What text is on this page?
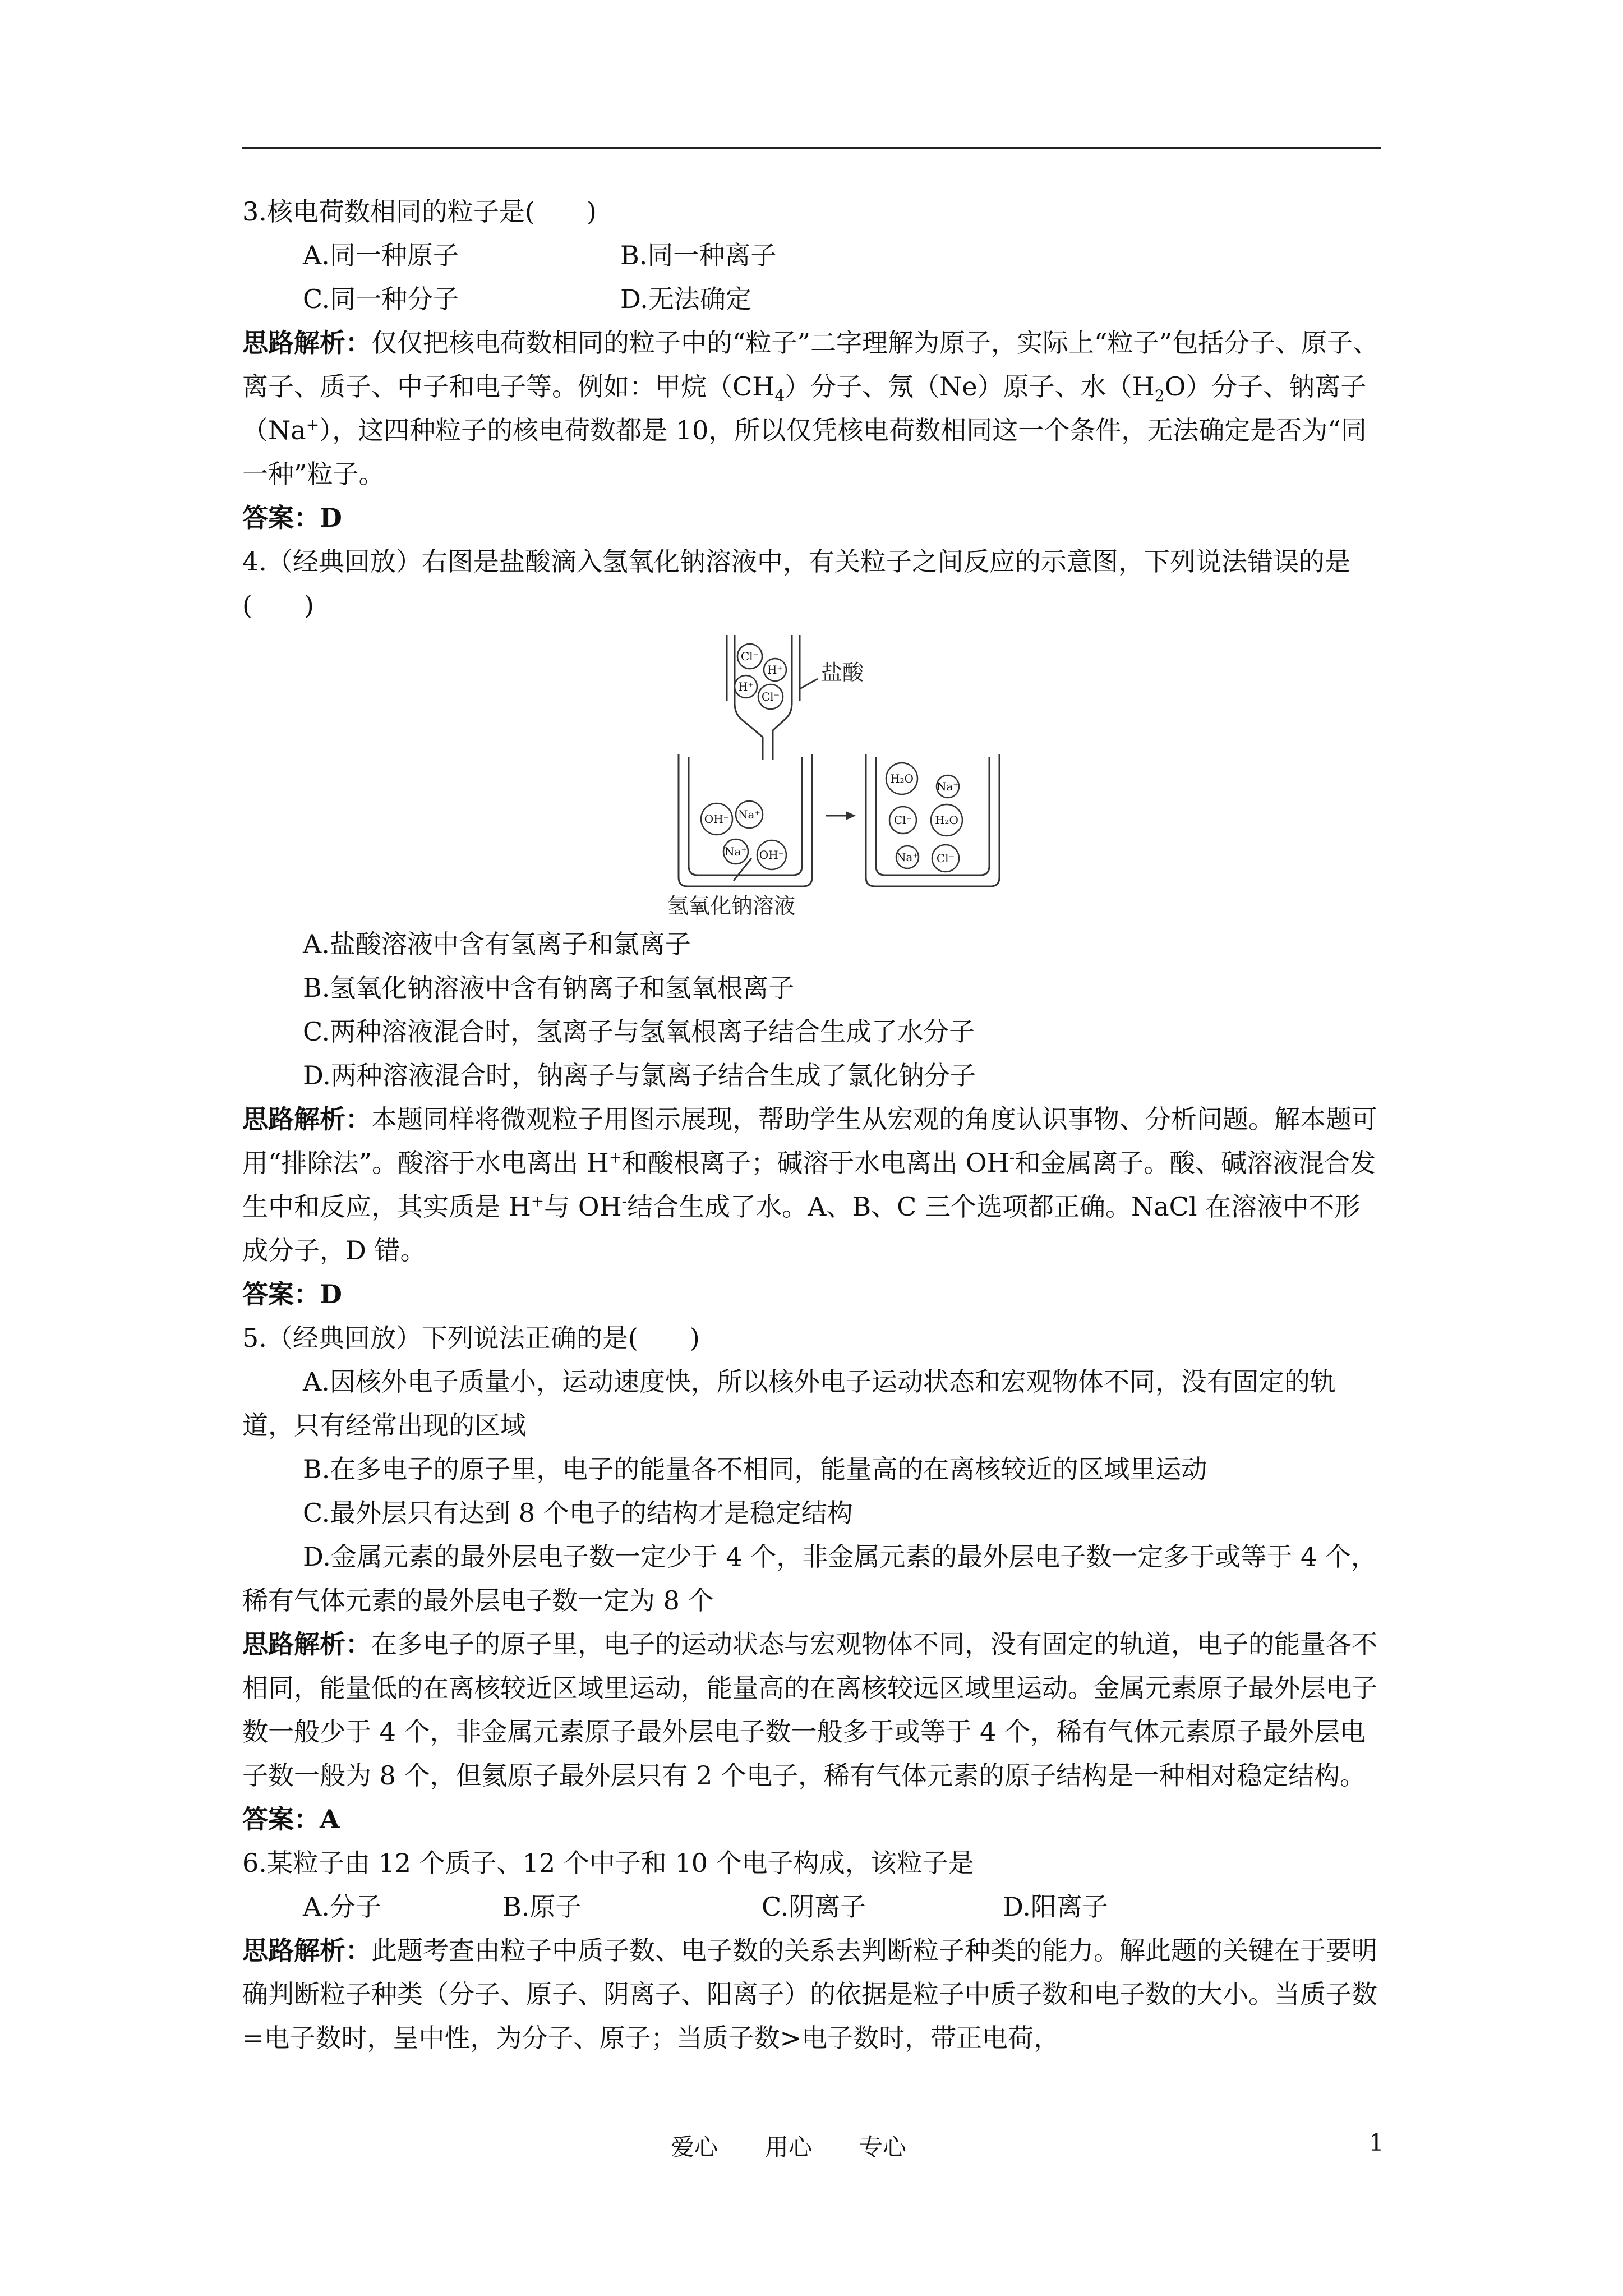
3.核电荷数相同的粒子是(　　)

A.同一种原子	B.同一种离子
C.同一种分子	D.无法确定

思路解析：仅仅把核电荷数相同的粒子中的“粒子”二字理解为原子，实际上“粒子”包括分子、原子、离子、质子、中子和电子等。例如：甲烷$(CH_4)$分子、氖（Ne）原子、水$(H_2O)$分子、钠离子（Na+），这四种粒子的核电荷数都是 10，所以仅凭核电荷数相同这一个条件，无法确定是否为“同一种”粒子。

答案：D

4.（经典回放）右图是盐酸滴入氢氧化钠溶液中，有关粒子之间反应的示意图，下列说法错误的是(　　)

Cl⁻
H⁺
H⁺
Cl⁻
OH⁻ Na⁺
Na⁺ OH⁻
H₂O
Na⁺
Cl⁻ H₂O
Na⁺ Cl⁻
盐酸
氢氧化钠溶液

A.盐酸溶液中含有氢离子和氯离子

B.氢氧化钠溶液中含有钠离子和氢氧根离子

C.两种溶液混合时，氢离子与氢氧根离子结合生成了水分子

D.两种溶液混合时，钠离子与氯离子结合生成了氯化钠分子

思路解析：本题同样将微观粒子用图示展现，帮助学生从宏观的角度认识事物、分析问题。解本题可用“排除法”。酸溶于水电离出 H+和酸根离子；碱溶于水电离出 OH-和金属离子。酸、碱溶液混合发生中和反应，其实质是 H+与 OH-结合生成了水。A、B、C 三个选项都正确。NaCl 在溶液中不形成分子，D 错。

答案：D

5.（经典回放）下列说法正确的是(　　)

A.因核外电子质量小，运动速度快，所以核外电子运动状态和宏观物体不同，没有固定的轨道，只有经常出现的区域

B.在多电子的原子里，电子的能量各不相同，能量高的在离核较近的区域里运动

C.最外层只有达到 8 个电子的结构才是稳定结构

D.金属元素的最外层电子数一定少于 4 个，非金属元素的最外层电子数一定多于或等于 4 个，稀有气体元素的最外层电子数一定为 8 个

思路解析：在多电子的原子里，电子的运动状态与宏观物体不同，没有固定的轨道，电子的能量各不相同，能量低的在离核较近区域里运动，能量高的在离核较远区域里运动。金属元素原子最外层电子数一般少于 4 个，非金属元素原子最外层电子数一般多于或等于 4 个，稀有气体元素原子最外层电子数一般为 8 个，但氦原子最外层只有 2 个电子，稀有气体元素的原子结构是一种相对稳定结构。

答案：A

6.某粒子由 12 个质子、12 个中子和 10 个电子构成，该粒子是

A.分子	B.原子	C.阴离子	D.阳离子

思路解析：此题考查由粒子中质子数、电子数的关系去判断粒子种类的能力。解此题的关键在于要明确判断粒子种类（分子、原子、阴离子、阳离子）的依据是粒子中质子数和电子数的大小。当质子数=电子数时，呈中性，为分子、原子；当质子数>电子数时，带正电荷，

爱心　　用心　　专心	1
